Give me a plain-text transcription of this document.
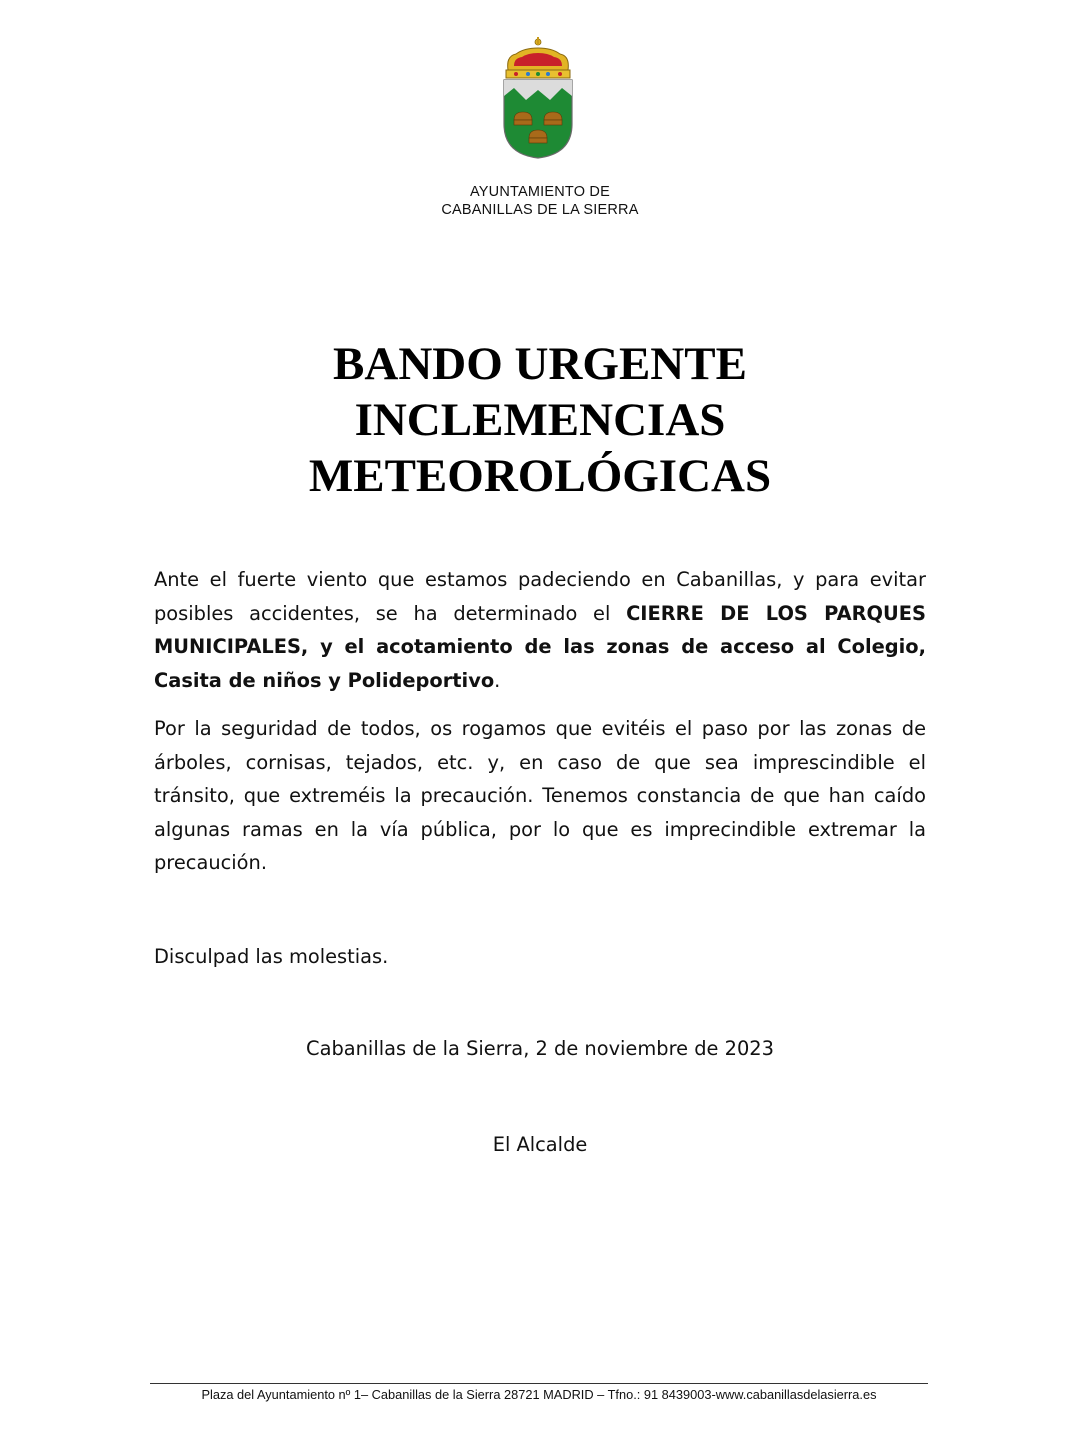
AYUNTAMIENTO DE
CABANILLAS DE LA SIERRA
BANDO URGENTE
INCLEMENCIAS
METEOROLÓGICAS
Ante el fuerte viento que estamos padeciendo en Cabanillas, y para evitar posibles accidentes, se ha determinado el CIERRE DE LOS PARQUES MUNICIPALES, y el acotamiento de las zonas de acceso al Colegio, Casita de niños y Polideportivo.
Por la seguridad de todos, os rogamos que evitéis el paso por las zonas de árboles, cornisas, tejados, etc. y, en caso de que sea imprescindible el tránsito, que extreméis la precaución. Tenemos constancia de que han caído algunas ramas en la vía pública, por lo que es imprecindible extremar la precaución.
Disculpad las molestias.
Cabanillas de la Sierra, 2 de noviembre de 2023
El Alcalde
Plaza del Ayuntamiento nº 1– Cabanillas de la Sierra 28721 MADRID – Tfno.: 91 8439003-www.cabanillasdelasierra.es
